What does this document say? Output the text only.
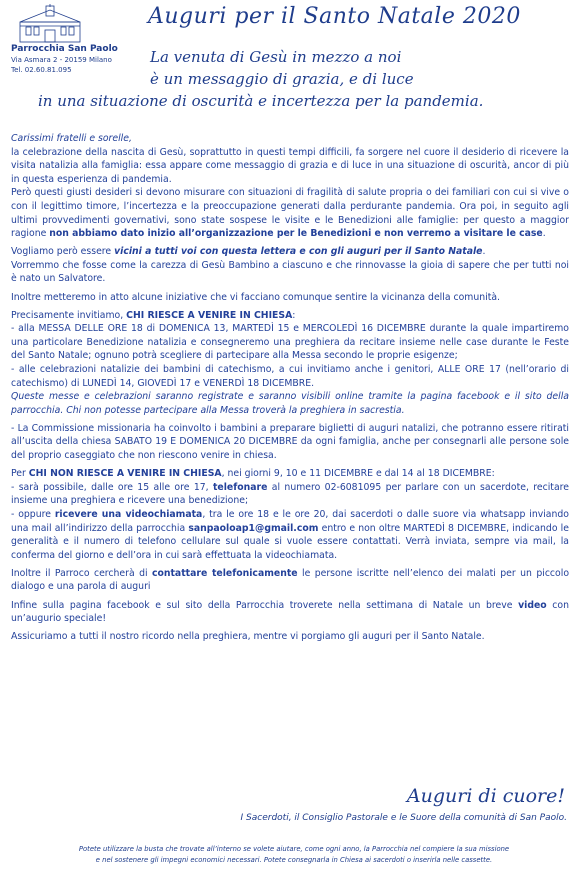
Parrocchia San Paolo
Via Asmara 2 - 20159 Milano
Tel. 02.60.81.095
Auguri per il Santo Natale 2020
La venuta di Gesù in mezzo a noi
è un messaggio di grazia, e di luce
in una situazione di oscurità e incertezza per la pandemia.

Carissimi fratelli e sorelle,

la celebrazione della nascita di Gesù, soprattutto in questi tempi difficili, fa sorgere nel cuore il desiderio di ricevere la visita natalizia alla famiglia: essa appare come messaggio di grazia e di luce in una situazione di oscurità, ancor di più in questa esperienza di pandemia.

Però questi giusti desideri si devono misurare con situazioni di fragilità di salute propria o dei familiari con cui si vive o con il legittimo timore, l’incertezza e la preoccupazione generati dalla perdurante pandemia. Ora poi, in seguito agli ultimi provvedimenti governativi, sono state sospese le visite e le Benedizioni alle famiglie: per questo a maggior ragione non abbiamo dato inizio all’organizzazione per le Benedizioni e non verremo a visitare le case.

Vogliamo però essere vicini a tutti voi con questa lettera e con gli auguri per il Santo Natale.

Vorremmo che fosse come la carezza di Gesù Bambino a ciascuno e che rinnovasse la gioia di sapere che per tutti noi è nato un Salvatore.

Inoltre metteremo in atto alcune iniziative che vi facciano comunque sentire la vicinanza della comunità.

Precisamente invitiamo, CHI RIESCE A VENIRE IN CHIESA:

- alla MESSA DELLE ORE 18 di DOMENICA 13, MARTEDÌ 15 e MERCOLEDÌ 16 DICEMBRE durante la quale impartiremo una particolare Benedizione natalizia e consegneremo una preghiera da recitare insieme nelle case durante le Feste del Santo Natale; ognuno potrà scegliere di partecipare alla Messa secondo le proprie esigenze;

- alle celebrazioni natalizie dei bambini di catechismo, a cui invitiamo anche i genitori, ALLE ORE 17 (nell’orario di catechismo) di LUNEDÌ 14, GIOVEDÌ 17 e VENERDÌ 18 DICEMBRE.

Queste messe e celebrazioni saranno registrate e saranno visibili online tramite la pagina facebook e il sito della parrocchia. Chi non potesse partecipare alla Messa troverà la preghiera in sacrestia.

- La Commissione missionaria ha coinvolto i bambini a preparare biglietti di auguri natalizi, che potranno essere ritirati all’uscita della chiesa SABATO 19 E DOMENICA 20 DICEMBRE da ogni famiglia, anche per consegnarli alle persone sole del proprio caseggiato che non riescono venire in chiesa.

Per CHI NON RIESCE A VENIRE IN CHIESA, nei giorni 9, 10 e 11 DICEMBRE e dal 14 al 18 DICEMBRE:

- sarà possibile, dalle ore 15 alle ore 17, telefonare al numero 02-6081095 per parlare con un sacerdote, recitare insieme una preghiera e ricevere una benedizione;

- oppure ricevere una videochiamata, tra le ore 18 e le ore 20, dai sacerdoti o dalle suore via whatsapp inviando una mail all’indirizzo della parrocchia sanpaoloap1@gmail.com entro e non oltre MARTEDÌ 8 DICEMBRE, indicando le generalità e il numero di telefono cellulare sul quale si vuole essere contattati. Verrà inviata, sempre via mail, la conferma del giorno e dell’ora in cui sarà effettuata la videochiamata.

Inoltre il Parroco cercherà di contattare telefonicamente le persone iscritte nell’elenco dei malati per un piccolo dialogo e una parola di auguri

Infine sulla pagina facebook e sul sito della Parrocchia troverete nella settimana di Natale un breve video con un’augurio speciale!

Assicuriamo a tutti il nostro ricordo nella preghiera, mentre vi porgiamo gli auguri per il Santo Natale.

Auguri di cuore!
I Sacerdoti, il Consiglio Pastorale e le Suore della comunità di San Paolo.
Potete utilizzare la busta che trovate all’interno se volete aiutare, come ogni anno, la Parrocchia nel compiere la sua missione
e nel sostenere gli impegni economici necessari. Potete consegnarla in Chiesa ai sacerdoti o inserirla nelle cassette.
